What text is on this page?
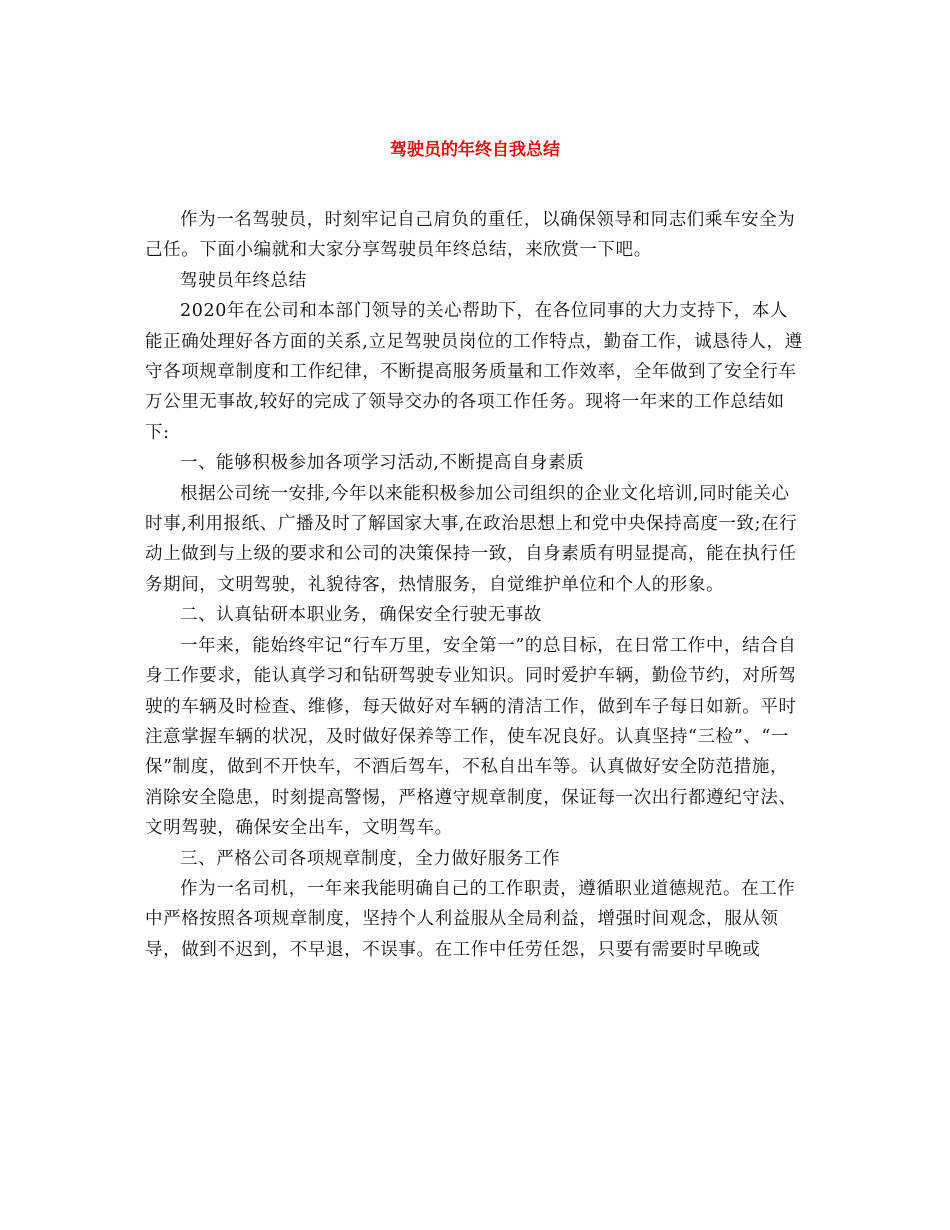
驾驶员的年终自我总结

作为一名驾驶员，时刻牢记自己肩负的重任，以确保领导和同志们乘车安全为己任。下面小编就和大家分享驾驶员年终总结，来欣赏一下吧。

驾驶员年终总结

2020年在公司和本部门领导的关心帮助下，在各位同事的大力支持下，本人能正确处理好各方面的关系,立足驾驶员岗位的工作特点，勤奋工作，诚恳待人，遵守各项规章制度和工作纪律，不断提高服务质量和工作效率，全年做到了安全行车万公里无事故,较好的完成了领导交办的各项工作任务。现将一年来的工作总结如下:

一、能够积极参加各项学习活动,不断提高自身素质

根据公司统一安排,今年以来能积极参加公司组织的企业文化培训,同时能关心时事,利用报纸、广播及时了解国家大事,在政治思想上和党中央保持高度一致;在行动上做到与上级的要求和公司的决策保持一致，自身素质有明显提高，能在执行任务期间，文明驾驶，礼貌待客，热情服务，自觉维护单位和个人的形象。

二、认真钻研本职业务，确保安全行驶无事故

一年来，能始终牢记“行车万里，安全第一”的总目标，在日常工作中，结合自身工作要求，能认真学习和钻研驾驶专业知识。同时爱护车辆，勤俭节约，对所驾驶的车辆及时检查、维修，每天做好对车辆的清洁工作，做到车子每日如新。平时注意掌握车辆的状况，及时做好保养等工作，使车况良好。认真坚持“三检”、“一保”制度，做到不开快车，不酒后驾车，不私自出车等。认真做好安全防范措施，消除安全隐患，时刻提高警惕，严格遵守规章制度，保证每一次出行都遵纪守法、文明驾驶，确保安全出车，文明驾车。

三、严格公司各项规章制度，全力做好服务工作

作为一名司机，一年来我能明确自己的工作职责，遵循职业道德规范。在工作中严格按照各项规章制度，坚持个人利益服从全局利益，增强时间观念，服从领导，做到不迟到，不早退，不误事。在工作中任劳任怨，只要有需要时早晚或
